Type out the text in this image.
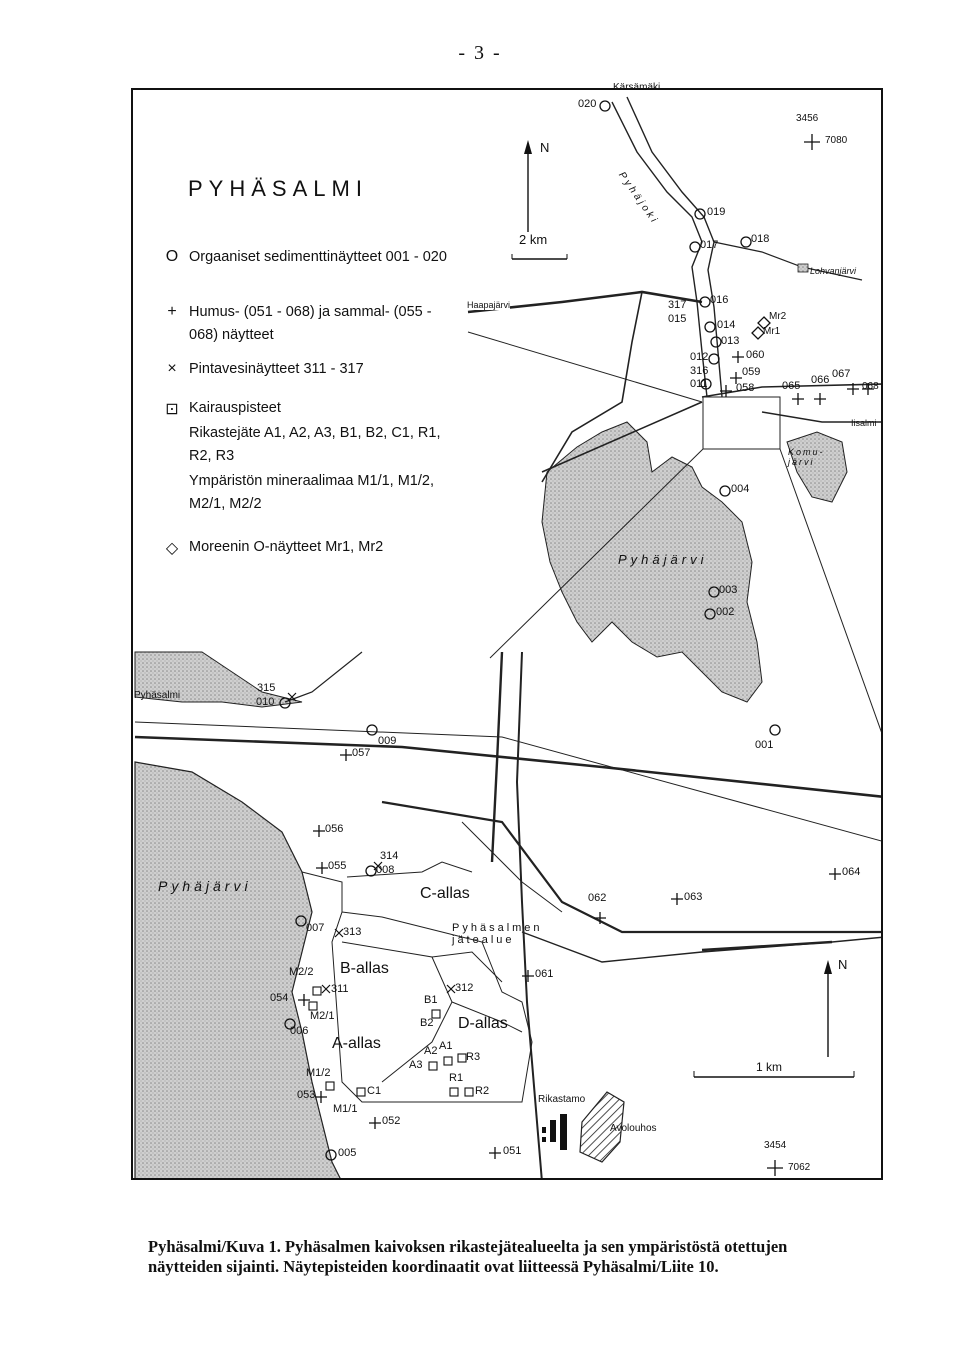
- 3 -
PYHÄSALMI
O Orgaaniset sedimenttinäytteet 001 - 020
+ Humus- (051 - 068) ja sammal- (055 - 068) näytteet
× Pintavesinäytteet 311 - 317
⊡ Kairauspisteet
Rikastejäte A1, A2, A3, B1, B2, C1, R1, R2, R3
Ympäristön mineraalimaa M1/1, M1/2, M2/1, M2/2
◇ Moreenin O-näytteet Mr1, Mr2
N
2 km
N
1 km
3456
7080
3454
7062
Kärsämäki
Pyhäjoki
Lohvanjärvi
Haapajärvi
Iisalmi
Komu-järvi
Pyhäjärvi
Pyhäsalmi
Pyhäjärvi	C-allas
B-allas
A-allas
D-allas
Pyhäsalmen jätealue
Rikastamo
Avolouhos
020
019
018
017
016
317
015	014
Mr2
Mr1
013
012	060
316	059
011	058	065 066 067
068
004
003
002
001
315
010
009
057
056
314
055	008
007 313
062	063
064
M2/2
311
054	B1
312
061
M2/1
B2
006
A2 A1
R3
A3
M1/2	R1
053	C1	R2
M1/1
052
051
005
Pyhäsalmi/Kuva 1. Pyhäsalmen kaivoksen rikastejätealueelta ja sen ympäristöstä otettujen näytteiden sijainti. Näytepisteiden koordinaatit ovat liitteessä Pyhäsalmi/Liite 10.
